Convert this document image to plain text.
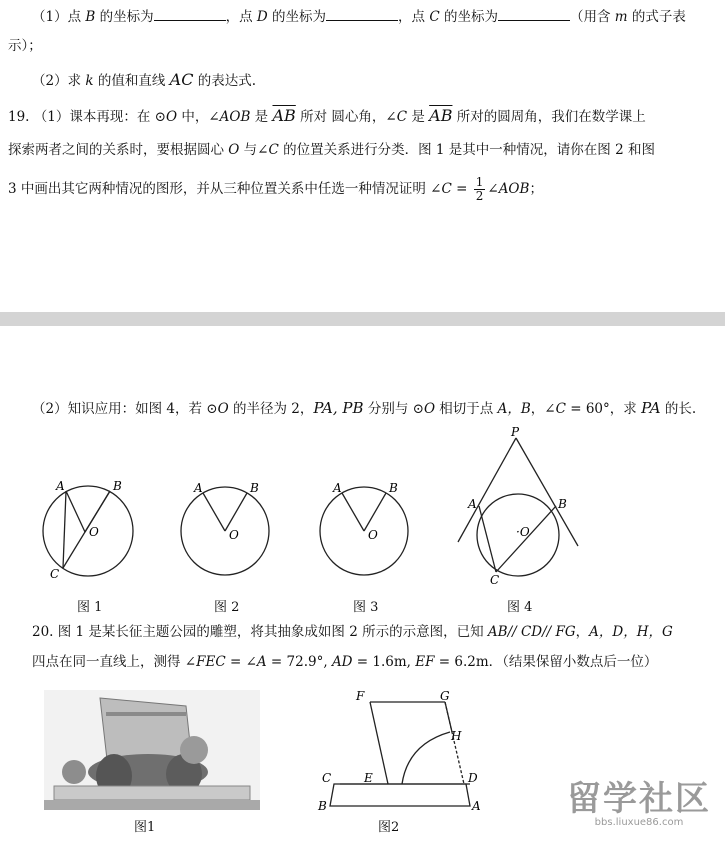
（1）点 B 的坐标为	，点 D 的坐标为	，点 C 的坐标为	（用含 m 的式子表
示）；
（2）求 k 的值和直线 AC 的表达式.
19. （1）课本再现：在 ⊙O 中，∠AOB 是 $\overline{AB}$ 所对 圆心角，∠C 是 $\overline{AB}$ 所对的圆周角，我们在数学课上
探索两者之间的关系时，要根据圆心 O 与∠C 的位置关系进行分类．图 1 是其中一种情况，请你在图 2 和图
3 中画出其它两种情况的图形，并从三种位置关系中任选一种情况证明 ∠C = $\frac{1}{2}$ ∠AOB；
（2）知识应用：如图 4，若 ⊙O 的半径为 2，PA, PB 分别与 ⊙O 相切于点 A，B，∠C = 60°，求 PA 的长.
A	B
O
C
A	B
O
A	B
O
P
A	B
·O
C
图 1	图 2	图 3	图 4
20. 图 1 是某长征主题公园的雕塑，将其抽象成如图 2 所示的示意图，已知 AB// CD// FG，A，D，H，G
四点在同一直线上，测得 ∠FEC = ∠A = 72.9°, AD = 1.6m, EF = 6.2m．（结果保留小数点后一位）
图1
F	G
H
C	E	D
B	A
图2
留学社区
bbs.liuxue86.com
